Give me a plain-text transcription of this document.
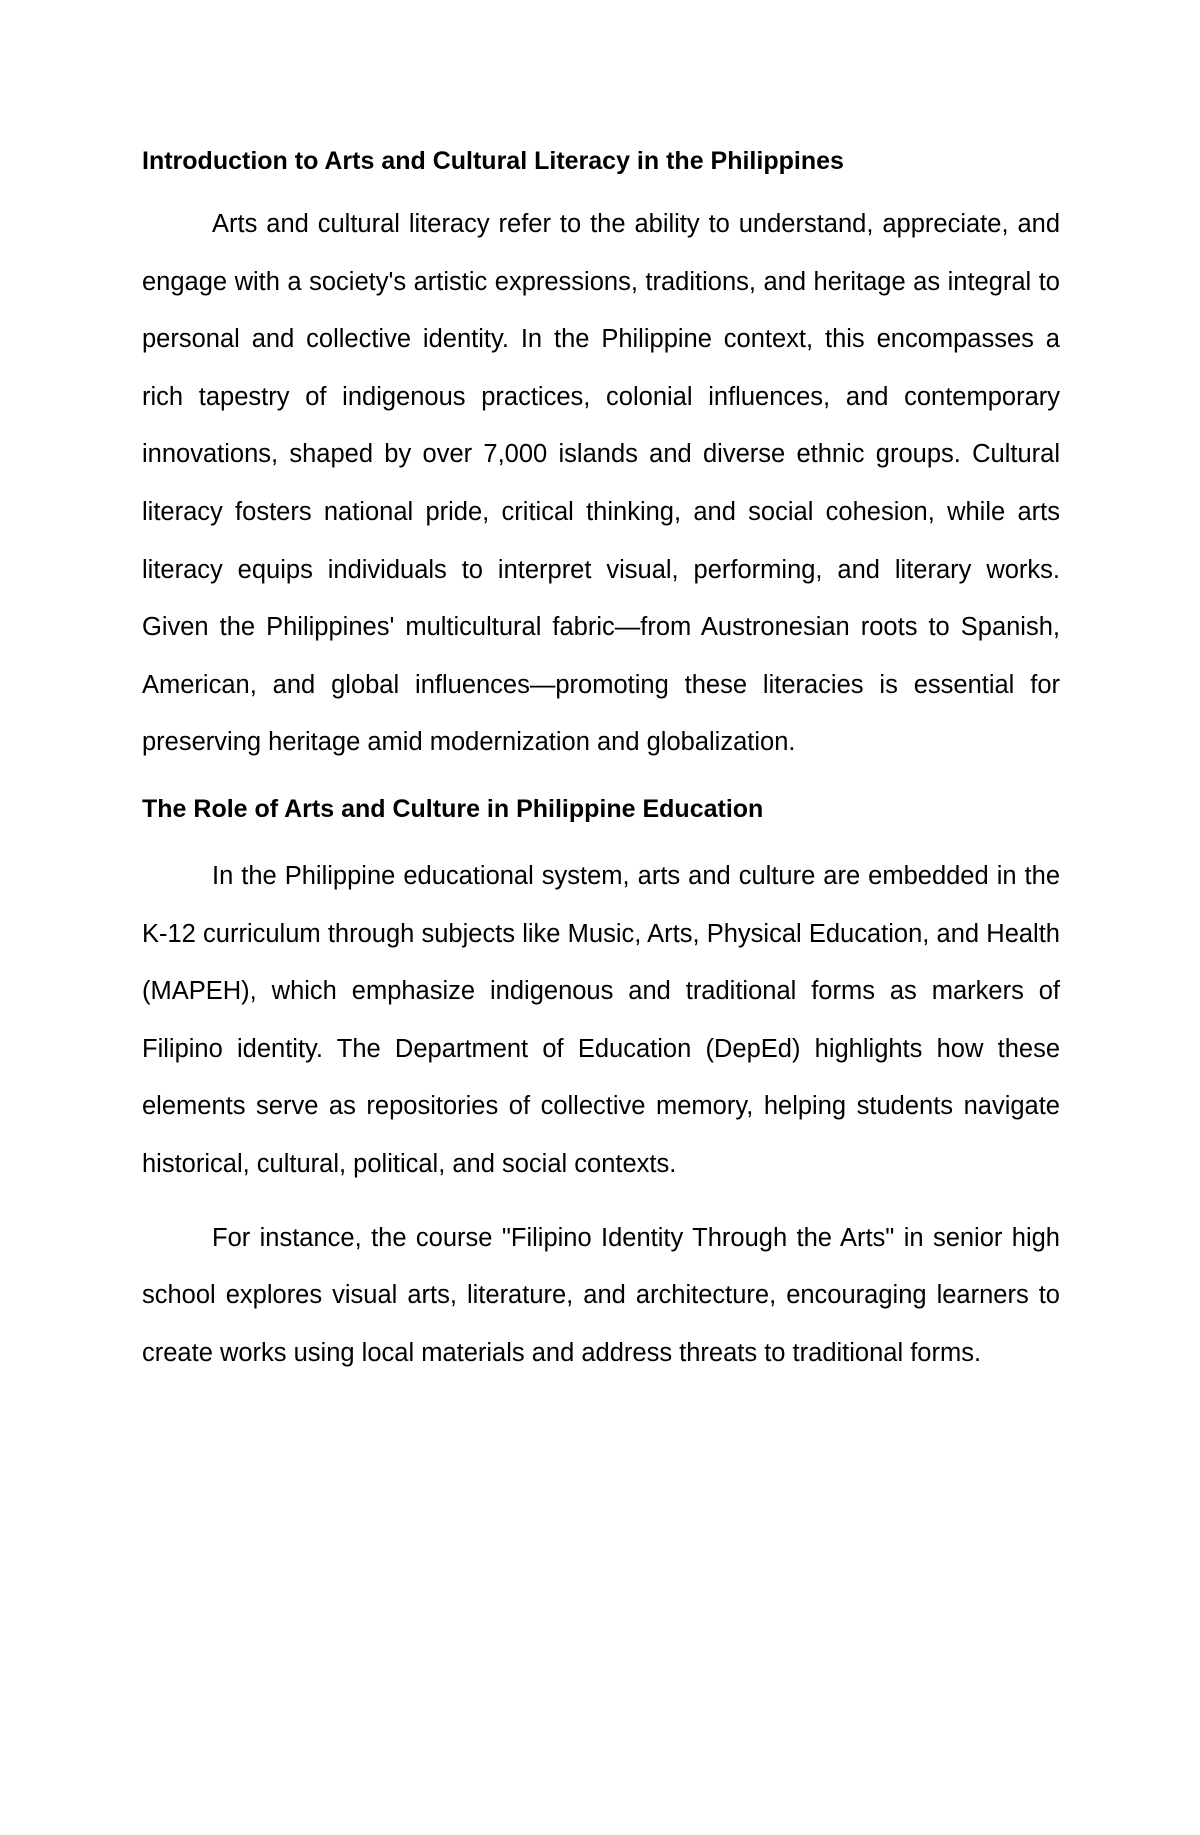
Introduction to Arts and Cultural Literacy in the Philippines

Arts and cultural literacy refer to the ability to understand, appreciate, and engage with a society's artistic expressions, traditions, and heritage as integral to personal and collective identity. In the Philippine context, this encompasses a rich tapestry of indigenous practices, colonial influences, and contemporary innovations, shaped by over 7,000 islands and diverse ethnic groups. Cultural literacy fosters national pride, critical thinking, and social cohesion, while arts literacy equips individuals to interpret visual, performing, and literary works. Given the Philippines' multicultural fabric—from Austronesian roots to Spanish, American, and global influences—promoting these literacies is essential for preserving heritage amid modernization and globalization.

The Role of Arts and Culture in Philippine Education

In the Philippine educational system, arts and culture are embedded in the K-12 curriculum through subjects like Music, Arts, Physical Education, and Health (MAPEH), which emphasize indigenous and traditional forms as markers of Filipino identity. The Department of Education (DepEd) highlights how these elements serve as repositories of collective memory, helping students navigate historical, cultural, political, and social contexts.

For instance, the course "Filipino Identity Through the Arts" in senior high school explores visual arts, literature, and architecture, encouraging learners to create works using local materials and address threats to traditional forms.
